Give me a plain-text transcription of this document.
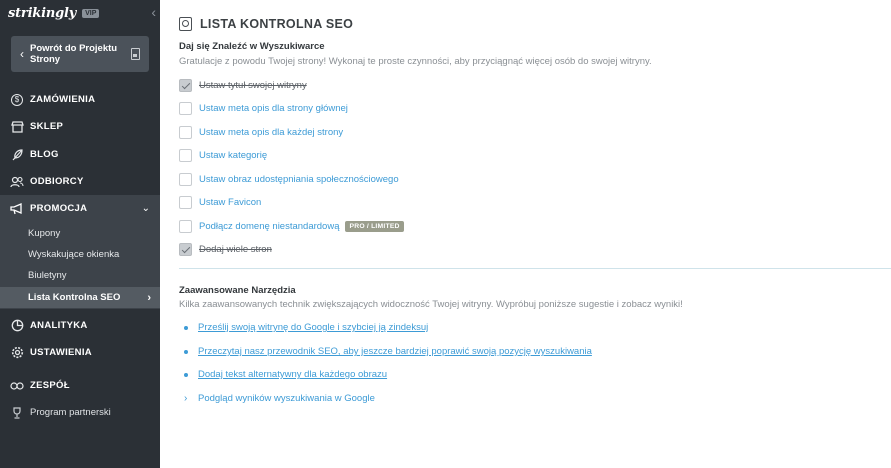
strikingly	VIP	‹
‹ Powrót do Projektu Strony
$	ZAMÓWIENIA
SKLEP
BLOG
ODBIORCY
PROMOCJA	⌄
Kupony
Wyskakujące okienka
Biuletyny
Lista Kontrolna SEO ›
ANALITYKA
USTAWIENIA
ZESPÓŁ
Program partnerski
LISTA KONTROLNA SEO
Daj się Znaleźć w Wyszukiwarce
Gratulacje z powodu Twojej strony! Wykonaj te proste czynności, aby przyciągnąć więcej osób do swojej witryny.
Ustaw tytuł swojej witryny
Ustaw meta opis dla strony głównej
Ustaw meta opis dla każdej strony
Ustaw kategorię
Ustaw obraz udostępniania społecznościowego
Ustaw Favicon
Podłącz domenę niestandardową	PRO / LIMITED
Dodaj wiele stron
Zaawansowane Narzędzia
Kilka zaawansowanych technik zwiększających widoczność Twojej witryny. Wypróbuj poniższe sugestie i zobacz wyniki!
Prześlij swoją witrynę do Google i szybciej ją zindeksuj
Przeczytaj nasz przewodnik SEO, aby jeszcze bardziej poprawić swoją pozycję wyszukiwania
Dodaj tekst alternatywny dla każdego obrazu
› Podgląd wyników wyszukiwania w Google
